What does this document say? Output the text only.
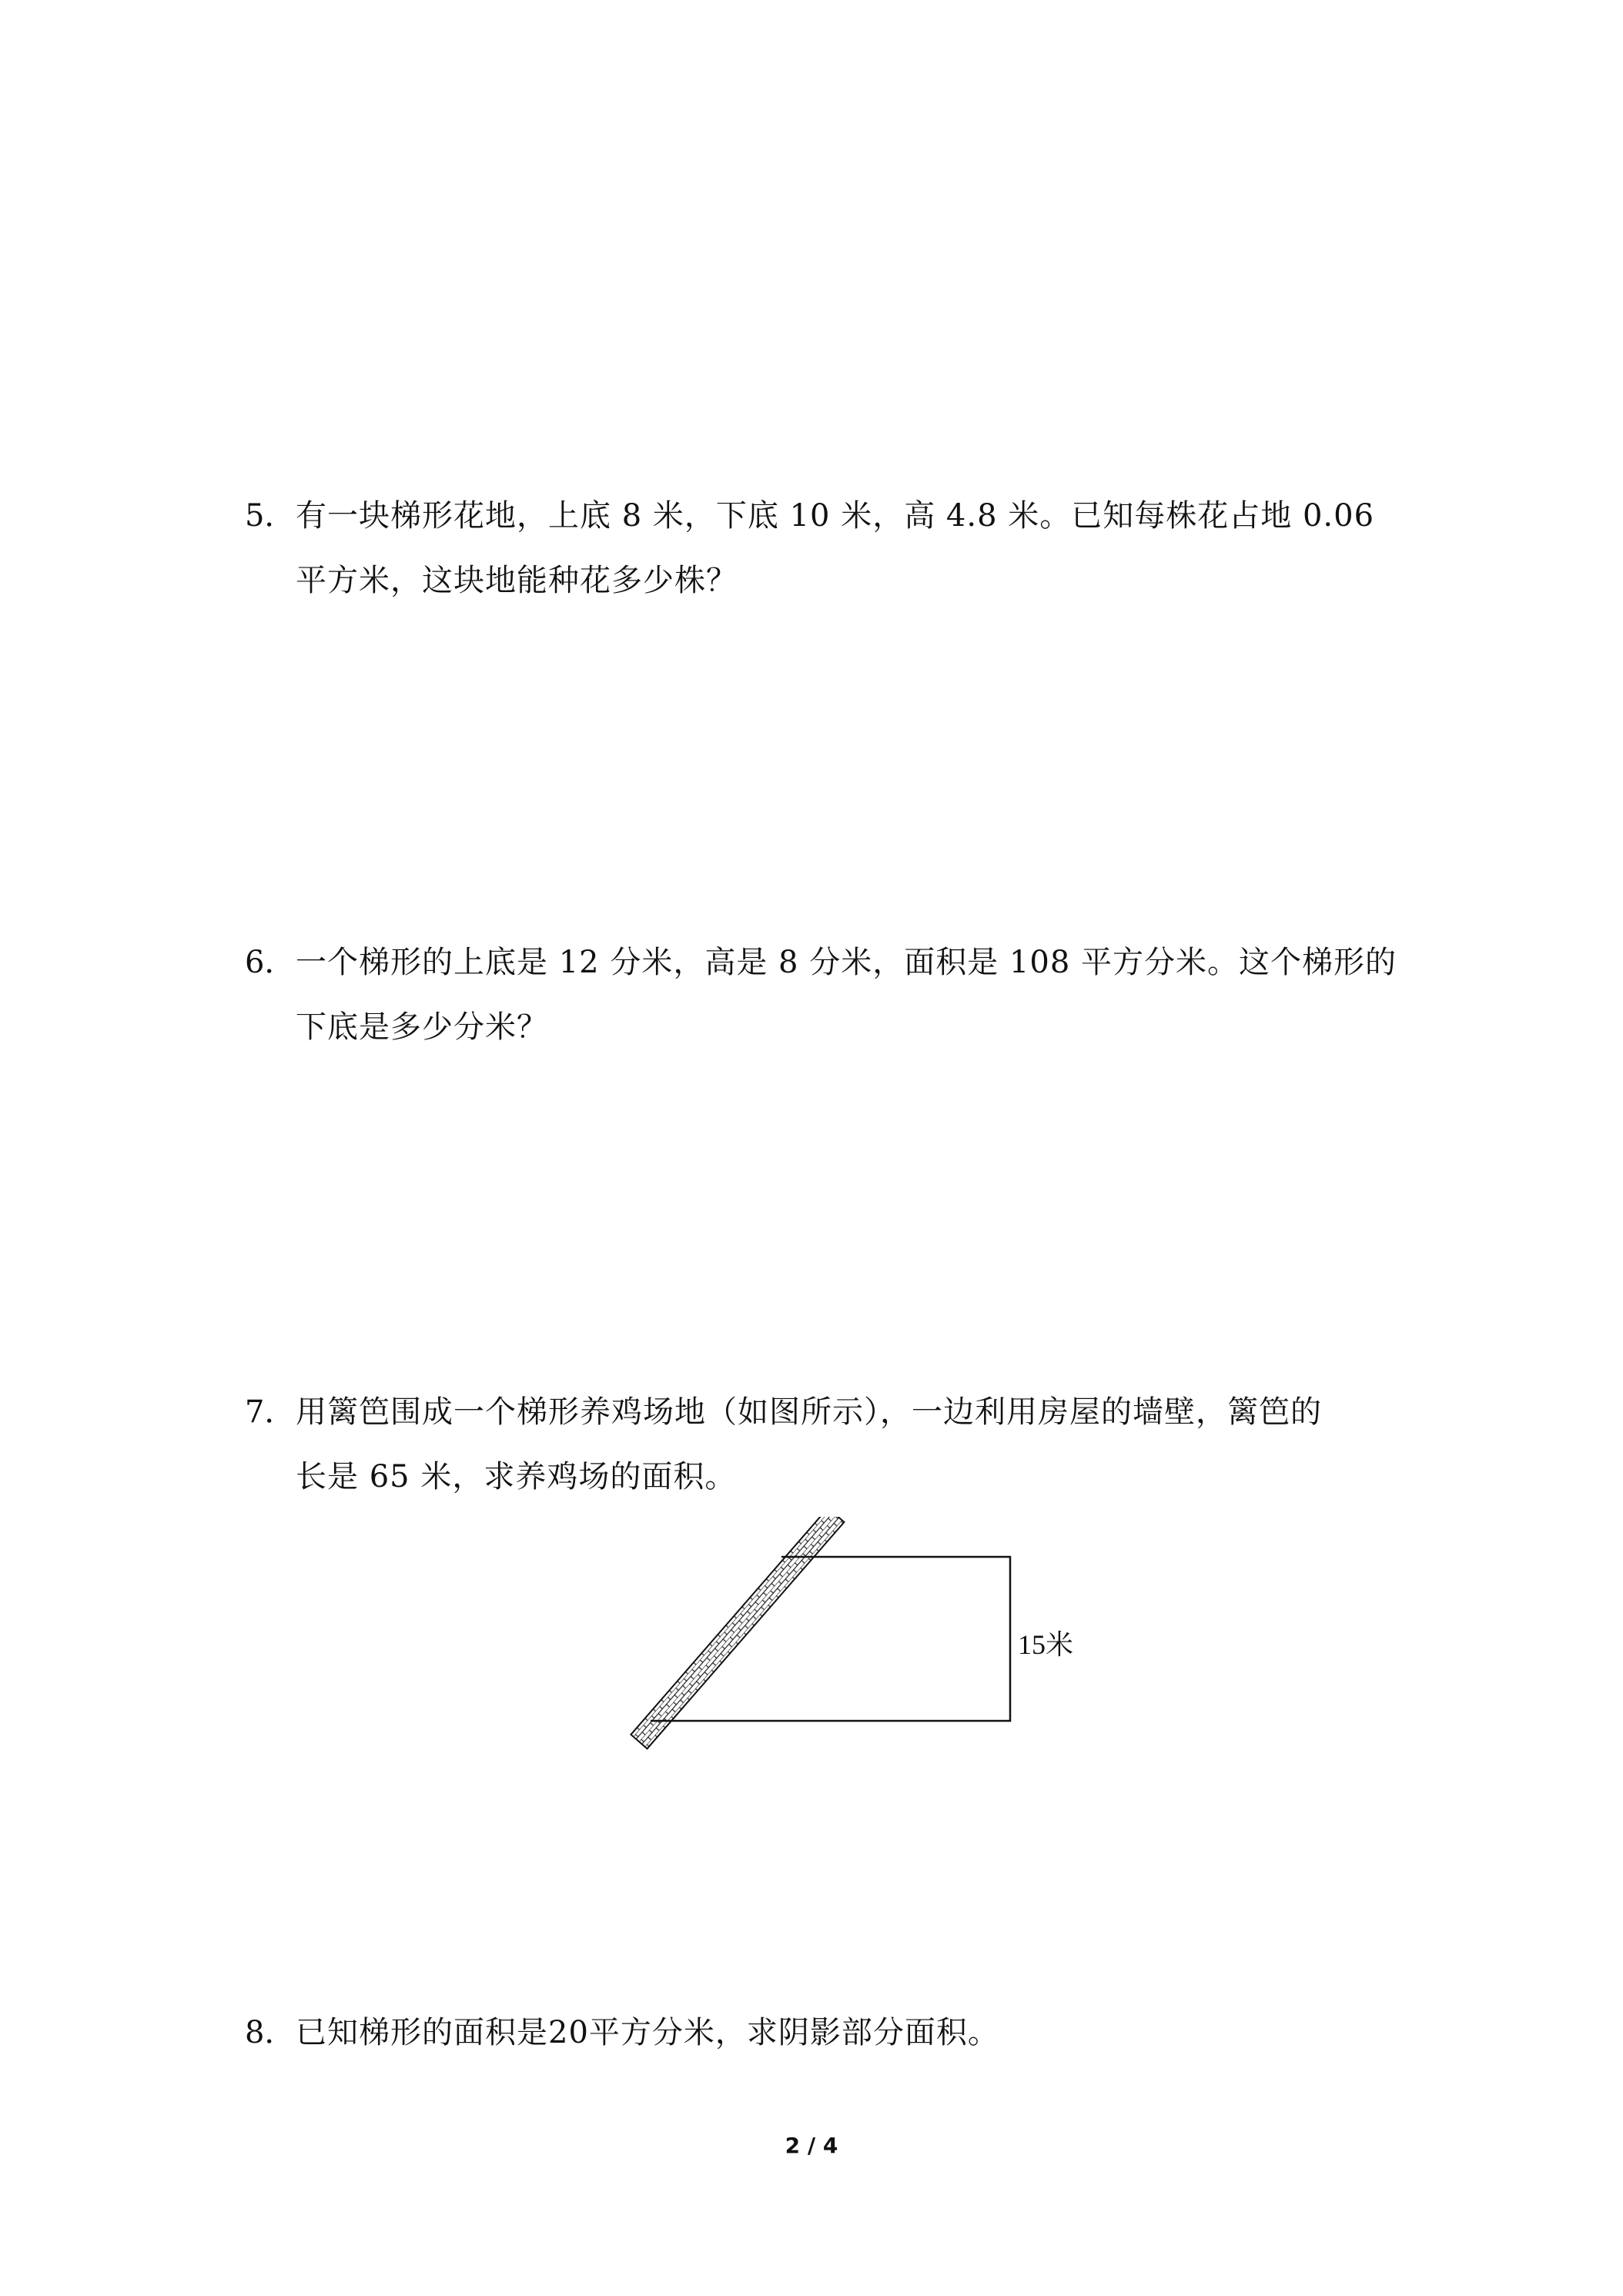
5． 有一块梯形花地，上底 8 米，下底 10 米，高 4.8 米。已知每株花占地 0.06
平方米，这块地能种花多少株？
6． 一个梯形的上底是 12 分米，高是 8 分米，面积是 108 平方分米。这个梯形的
下底是多少分米？
7． 用篱笆围成一个梯形养鸡场地（如图所示），一边利用房屋的墙壁，篱笆的
长是 65 米，求养鸡场的面积。
15米
8． 已知梯形的面积是20平方分米，求阴影部分面积。
2 / 4
